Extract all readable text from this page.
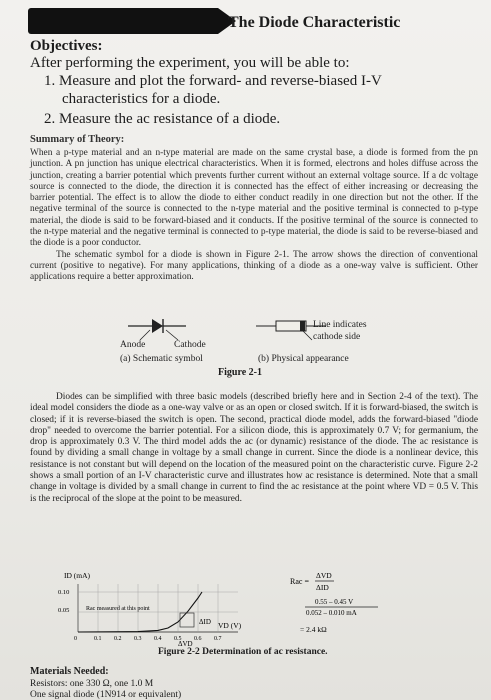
The Diode Characteristic
Objectives:
After performing the experiment, you will be able to:
1. Measure and plot the forward- and reverse-biased I-V
characteristics for a diode.
2. Measure the ac resistance of a diode.
Summary of Theory:
When a p-type material and an n-type material are made on the same crystal base, a diode is formed from the pn junction. A pn junction has unique electrical characteristics. When it is formed, electrons and holes diffuse across the junction, creating a barrier potential which prevents further current without an external voltage source. If a dc voltage source is connected to the diode, the direction it is connected has the effect of either increasing or decreasing the barrier potential. The effect is to allow the diode to either conduct readily in one direction but not the other. If the negative terminal of the source is connected to the n-type material and the positive terminal is connected to p-type material, the diode is said to be forward-biased and it conducts. If the positive terminal of the source is connected to the n-type material and the negative terminal is connected to p-type material, the diode is said to be reverse-biased and the diode is a poor conductor.
The schematic symbol for a diode is shown in Figure 2-1. The arrow shows the direction of conventional current (positive to negative). For many applications, thinking of a diode as a one-way valve is sufficient. Other applications require a better approximation.
Anode	Cathode
Line indicates
cathode side
(a) Schematic symbol	(b) Physical appearance
Figure 2-1
Diodes can be simplified with three basic models (described briefly here and in Section 2-4 of the text). The ideal model considers the diode as a one-way valve or as an open or closed switch. If it is forward-biased, the switch is closed; if it is reverse-biased the switch is open. The second, practical diode model, adds the forward-biased "diode drop" needed to overcome the barrier potential. For a silicon diode, this is approximately 0.7 V; for germanium, the drop is approximately 0.3 V. The third model adds the ac (or dynamic) resistance of the diode. The ac resistance is found by dividing a small change in voltage by a small change in current. Since the diode is a nonlinear device, this resistance is not constant but will depend on the location of the measured point on the characteristic curve. Figure 2-2 shows a small portion of an I-V characteristic curve and illustrates how ac resistance is determined. Note that a small change in voltage is divided by a small change in current to find the ac resistance at the point where VD = 0.5 V. This is the reciprocal of the slope at the point to be measured.
ID (mA)
0.10
0.05
0	0.1 0.2 0.3 0.4 0.5 0.6 0.7
Rac measured at this point
ΔID
ΔVD
VD (V)
Rac =
ΔVD
ΔID
0.55 – 0.45 V
0.052 – 0.010 mA
= 2.4 kΩ
Figure 2-2 Determination of ac resistance.
Materials Needed:
Resistors: one 330 Ω, one 1.0 M
One signal diode (1N914 or equivalent)
